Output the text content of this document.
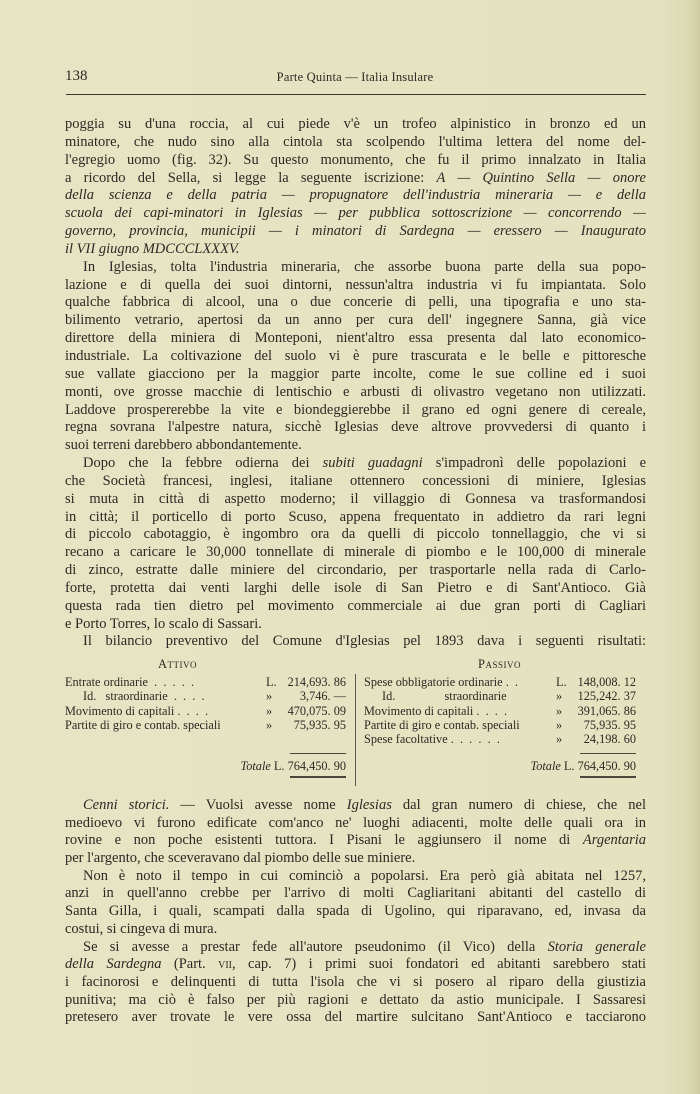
138	Parte Quinta — Italia Insulare
poggia su d'una roccia, al cui piede v'è un trofeo alpinistico in bronzo ed un
minatore, che nudo sino alla cintola sta scolpendo l'ultima lettera del nome del-
l'egregio uomo (fig. 32). Su questo monumento, che fu il primo innalzato in Italia
a ricordo del Sella, si legge la seguente iscrizione: A — Quintino Sella — onore
della scienza e della patria — propugnatore dell'industria mineraria — e della
scuola dei capi-minatori in Iglesias — per pubblica sottoscrizione — concorrendo —
governo, provincia, municipii — i minatori di Sardegna — eressero — Inaugurato
il VII giugno MDCCCLXXXV.
In Iglesias, tolta l'industria mineraria, che assorbe buona parte della sua popo-
lazione e di quella dei suoi dintorni, nessun'altra industria vi fu impiantata. Solo
qualche fabbrica di alcool, una o due concerie di pelli, una tipografia e uno sta-
bilimento vetrario, apertosi da un anno per cura dell' ingegnere Sanna, già vice
direttore della miniera di Monteponi, nient'altro essa presenta dal lato economico-
industriale. La coltivazione del suolo vi è pure trascurata e le belle e pittoresche
sue vallate giacciono per la maggior parte incolte, come le sue colline ed i suoi
monti, ove grosse macchie di lentischio e arbusti di olivastro vegetano non utilizzati.
Laddove prospererebbe la vite e biondeggierebbe il grano ed ogni genere di cereale,
regna sovrana l'alpestre natura, sicchè Iglesias deve altrove provvedersi di quanto i
suoi terreni darebbero abbondantemente.
Dopo che la febbre odierna dei subiti guadagni s'impadronì delle popolazioni e
che Società francesi, inglesi, italiane ottennero concessioni di miniere, Iglesias
si muta in città di aspetto moderno; il villaggio di Gonnesa va trasformandosi
in città; il porticello di porto Scuso, appena frequentato in addietro da rari legni
di piccolo cabotaggio, è ingombro ora da quelli di piccolo tonnellaggio, che vi si
recano a caricare le 30,000 tonnellate di minerale di piombo e le 100,000 di minerale
di zinco, estratte dalle miniere del circondario, per trasportarle nella rada di Carlo-
forte, protetta dai venti larghi delle isole di San Pietro e di Sant'Antioco. Già
questa rada tien dietro pel movimento commerciale ai due gran porti di Cagliari
e Porto Torres, lo scalo di Sassari.
Il bilancio preventivo del Comune d'Iglesias pel 1893 dava i seguenti risultati:
Attivo	Passivo
Entrate ordinarie  .  .  .  .  .	L. 214,693. 86
Id.   straordinarie  .  .  .  .	»	3,746. —
Movimento di capitali .  .  .  .	»	470,075. 09
Partite di giro e contab. speciali	»	75,935. 95
Spese obbligatorie ordinarie .  .	L. 148,008. 12
Id.                straordinarie	»	125,242. 37
Movimento di capitali .  .  .  .	»	391,065. 86
Partite di giro e contab. speciali	»	75,935. 95
Spese facoltative .  .  .  .  .  .	»	24,198. 60
Totale L. 764,450. 90	Totale L. 764,450. 90
Cenni storici. — Vuolsi avesse nome Iglesias dal gran numero di chiese, che nel
medioevo vi furono edificate com'anco ne' luoghi adiacenti, molte delle quali ora in
rovine e non poche esistenti tuttora. I Pisani le aggiunsero il nome di Argentaria
per l'argento, che sceveravano dal piombo delle sue miniere.
Non è noto il tempo in cui cominciò a popolarsi. Era però già abitata nel 1257,
anzi in quell'anno crebbe per l'arrivo di molti Cagliaritani abitanti del castello di
Santa Gilla, i quali, scampati dalla spada di Ugolino, qui riparavano, ed, invasa da
costui, si cingeva di mura.
Se si avesse a prestar fede all'autore pseudonimo (il Vico) della Storia generale
della Sardegna (Part. vii, cap. 7) i primi suoi fondatori ed abitanti sarebbero stati
i facinorosi e delinquenti di tutta l'isola che vi si posero al riparo della giustizia
punitiva; ma ciò è falso per più ragioni e dettato da astio municipale. I Sassaresi
pretesero aver trovate le vere ossa del martire sulcitano Sant'Antioco e tacciarono
